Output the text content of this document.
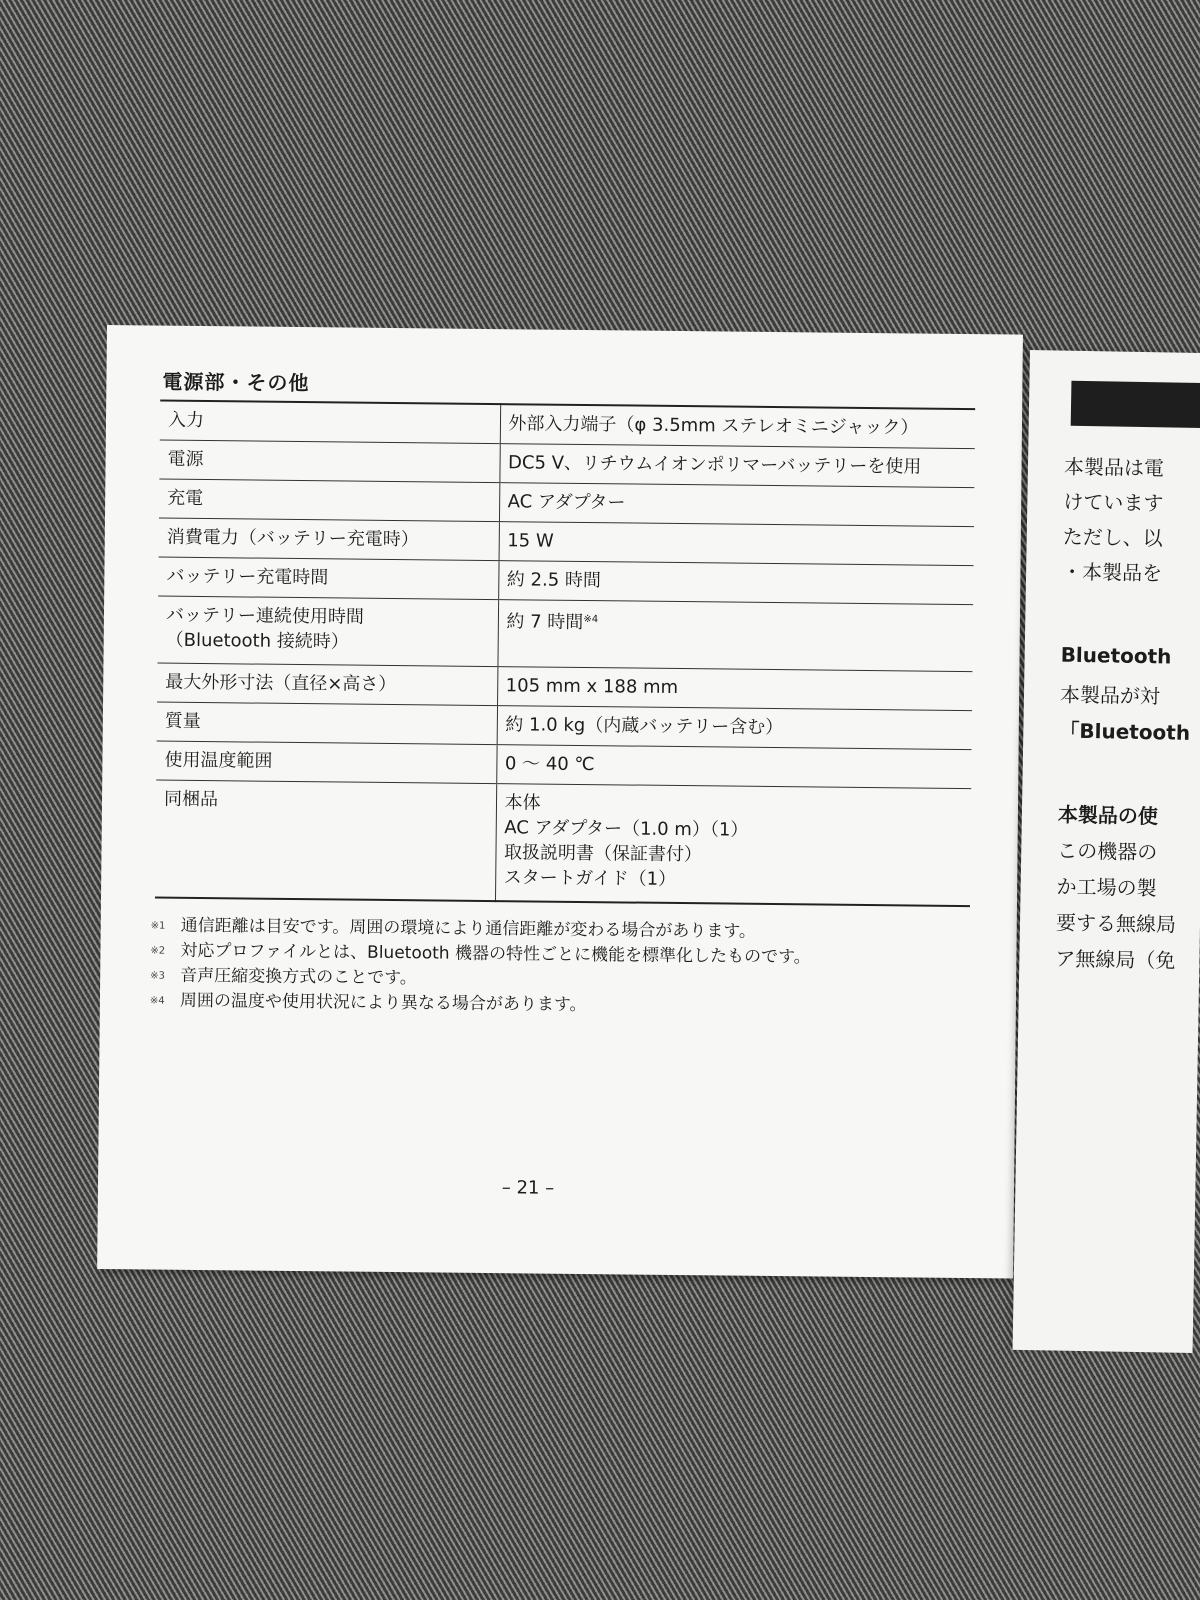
電源部・その他
入力	外部入力端子（φ 3.5mm ステレオミニジャック）

電源	DC5 V、リチウムイオンポリマーバッテリーを使用

充電	AC アダプター

消費電力（バッテリー充電時）	15 W

バッテリー充電時間	約 2.5 時間

バッテリー連続使用時間
（Bluetooth 接続時）	約 7 時間$^{※4}$

最大外形寸法（直径×高さ）	105 mm x 188 mm

質量	約 1.0 kg（内蔵バッテリー含む）

使用温度範囲	0 ～ 40 ℃

同梱品	本体
AC アダプター（1.0 m）（1）
取扱説明書（保証書付）
スタートガイド（1）
※1 通信距離は目安です。周囲の環境により通信距離が変わる場合があります。
※2 対応プロファイルとは、Bluetooth 機器の特性ごとに機能を標準化したものです。
※3 音声圧縮変換方式のことです。
※4 周囲の温度や使用状況により異なる場合があります。
– 21 –
本製品は電
けています
ただし、以
・本製品を
Bluetooth
本製品が対
「Bluetooth
本製品の使
この機器の
か工場の製
要する無線局
ア無線局（免
